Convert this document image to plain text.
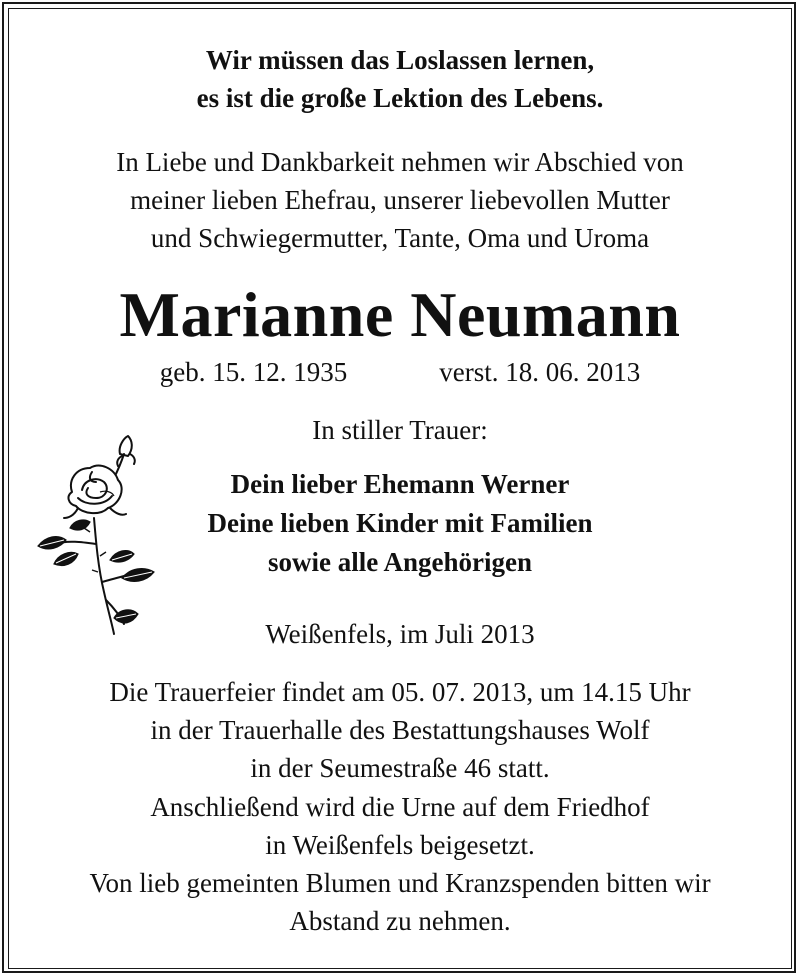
Wir müssen das Loslassen lernen,
es ist die große Lektion des Lebens.
In Liebe und Dankbarkeit nehmen wir Abschied von
meiner lieben Ehefrau, unserer liebevollen Mutter
und Schwiegermutter, Tante, Oma und Uroma
Marianne Neumann
geb. 15. 12. 1935	verst. 18. 06. 2013
In stiller Trauer:
Dein lieber Ehemann Werner
Deine lieben Kinder mit Familien
sowie alle Angehörigen
Weißenfels, im Juli 2013
Die Trauerfeier findet am 05. 07. 2013, um 14.15 Uhr
in der Trauerhalle des Bestattungshauses Wolf
in der Seumestraße 46 statt.
Anschließend wird die Urne auf dem Friedhof
in Weißenfels beigesetzt.
Von lieb gemeinten Blumen und Kranzspenden bitten wir
Abstand zu nehmen.
